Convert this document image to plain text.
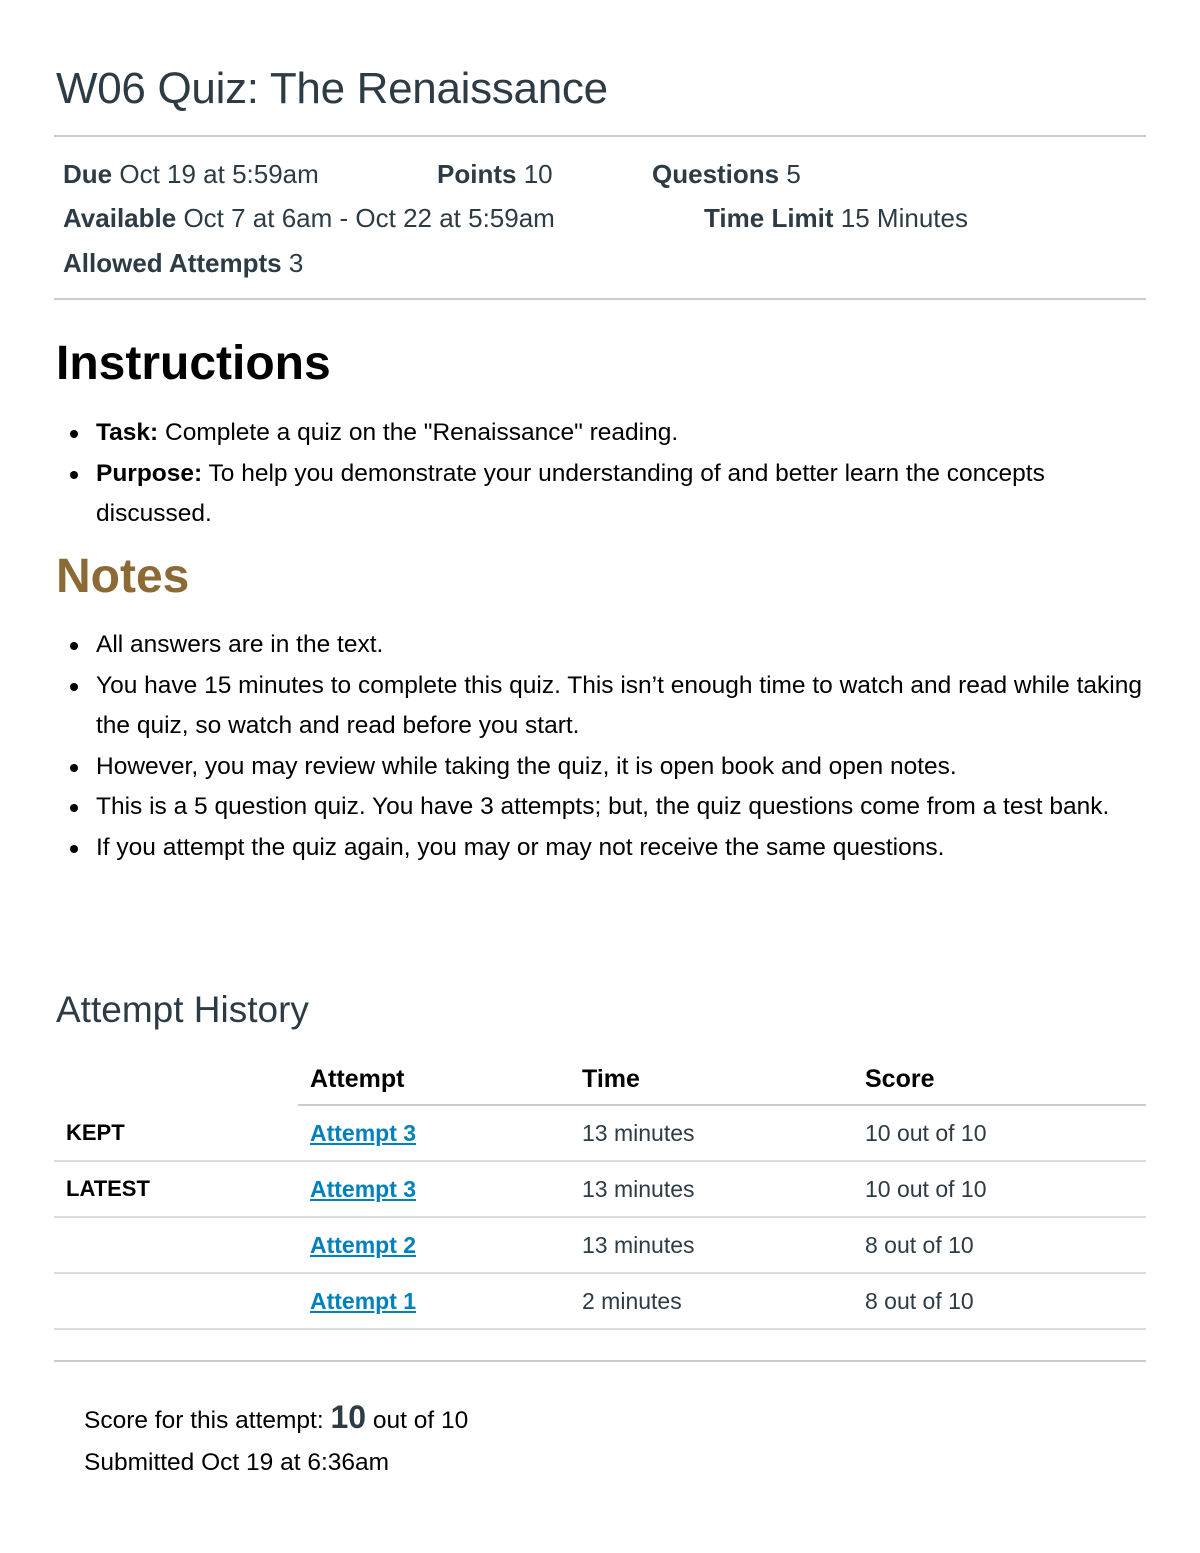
W06 Quiz: The Renaissance
Due Oct 19 at 5:59am	Points 10	Questions 5
Available Oct 7 at 6am - Oct 22 at 5:59am	Time Limit 15 Minutes
Allowed Attempts 3
Instructions
Task: Complete a quiz on the "Renaissance" reading.
Purpose: To help you demonstrate your understanding of and better learn the concepts discussed.
Notes
All answers are in the text.
You have 15 minutes to complete this quiz. This isn’t enough time to watch and read while taking the quiz, so watch and read before you start.
However, you may review while taking the quiz, it is open book and open notes.
This is a 5 question quiz. You have 3 attempts; but, the quiz questions come from a test bank.
If you attempt the quiz again, you may or may not receive the same questions.
Attempt History
	Attempt	Time	Score
KEPT	Attempt 3	13 minutes	10 out of 10
LATEST	Attempt 3	13 minutes	10 out of 10
	Attempt 2	13 minutes	8 out of 10
	Attempt 1	2 minutes	8 out of 10
Score for this attempt: 10 out of 10
Submitted Oct 19 at 6:36am
